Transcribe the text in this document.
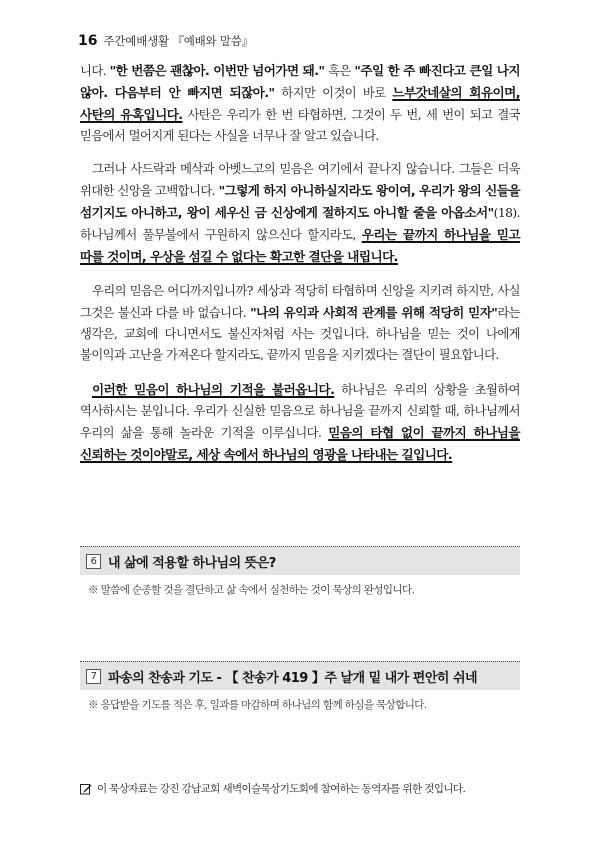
16 주간예배생활 『예배와 말씀』

니다. "한 번쯤은 괜찮아. 이번만 넘어가면 돼." 혹은 "주일 한 주 빠진다고 큰일 나지 않아. 다음부터 안 빠지면 되잖아." 하지만 이것이 바로 느부갓네살의 회유이며, 사탄의 유혹입니다. 사탄은 우리가 한 번 타협하면, 그것이 두 번, 세 번이 되고 결국 믿음에서 멀어지게 된다는 사실을 너무나 잘 알고 있습니다.

그러나 사드락과 메삭과 아벳느고의 믿음은 여기에서 끝나지 않습니다. 그들은 더욱 위대한 신앙을 고백합니다. "그렇게 하지 아니하실지라도 왕이여, 우리가 왕의 신들을 섬기지도 아니하고, 왕이 세우신 금 신상에게 절하지도 아니할 줄을 아옵소서"(18). 하나님께서 풀무불에서 구원하지 않으신다 할지라도, 우리는 끝까지 하나님을 믿고 따를 것이며, 우상을 섬길 수 없다는 확고한 결단을 내립니다.

우리의 믿음은 어디까지입니까? 세상과 적당히 타협하며 신앙을 지키려 하지만, 사실 그것은 불신과 다를 바 없습니다. "나의 유익과 사회적 관계를 위해 적당히 믿자"라는 생각은, 교회에 다니면서도 불신자처럼 사는 것입니다. 하나님을 믿는 것이 나에게 불이익과 고난을 가져온다 할지라도, 끝까지 믿음을 지키겠다는 결단이 필요합니다.

이러한 믿음이 하나님의 기적을 불러옵니다. 하나님은 우리의 상황을 초월하여 역사하시는 분입니다. 우리가 신실한 믿음으로 하나님을 끝까지 신뢰할 때, 하나님께서 우리의 삶을 통해 놀라운 기적을 이루십니다. 믿음의 타협 없이 끝까지 하나님을 신뢰하는 것이야말로, 세상 속에서 하나님의 영광을 나타내는 길입니다.

6 내 삶에 적용할 하나님의 뜻은?
※ 말씀에 순종할 것을 결단하고 삶 속에서 실천하는 것이 묵상의 완성입니다.
7 파송의 찬송과 기도 - 【 찬송가 419 】주 날개 밑 내가 편안히 쉬네
※ 응답받을 기도를 적은 후, 일과를 마감하며 하나님의 함께 하심을 묵상합니다.
이 묵상자료는 강진 강남교회 새벽이슬묵상기도회에 참여하는 동역자를 위한 것입니다.
